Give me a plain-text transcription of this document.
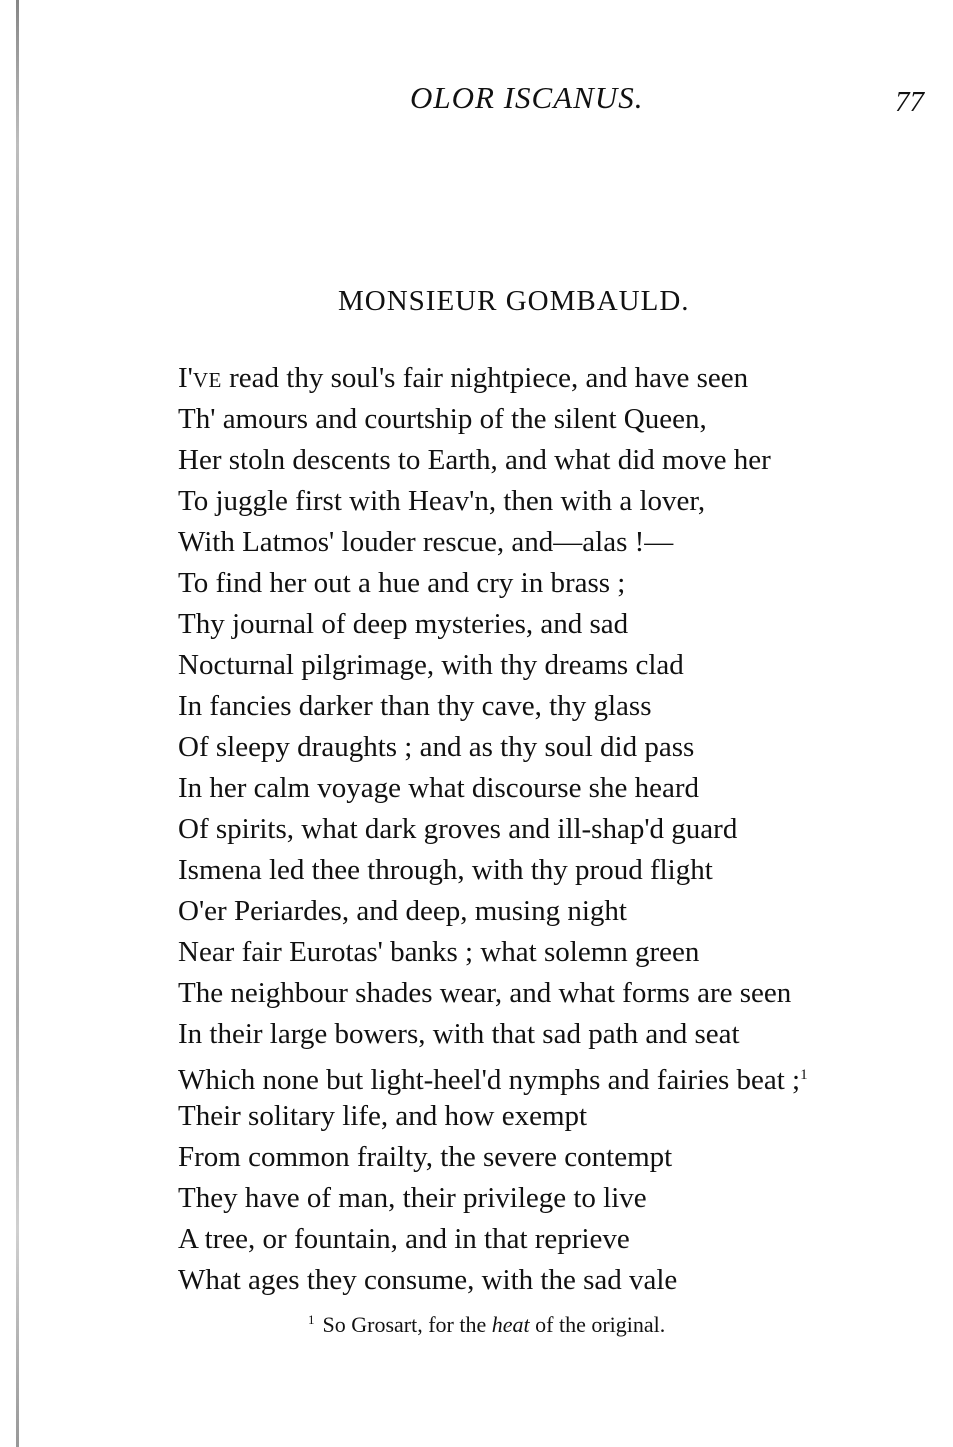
OLOR ISCANUS.	77
MONSIEUR GOMBAULD.
I'VE read thy soul's fair nightpiece, and have seen
Th' amours and courtship of the silent Queen,
Her stoln descents to Earth, and what did move her
To juggle first with Heav'n, then with a lover,
With Latmos' louder rescue, and—alas !—
To find her out a hue and cry in brass ;
Thy journal of deep mysteries, and sad
Nocturnal pilgrimage, with thy dreams clad
In fancies darker than thy cave, thy glass
Of sleepy draughts ; and as thy soul did pass
In her calm voyage what discourse she heard
Of spirits, what dark groves and ill-shap'd guard
Ismena led thee through, with thy proud flight
O'er Periardes, and deep, musing night
Near fair Eurotas' banks ; what solemn green
The neighbour shades wear, and what forms are seen
In their large bowers, with that sad path and seat
Which none but light-heel'd nymphs and fairies beat ;$^1$
Their solitary life, and how exempt
From common frailty, the severe contempt
They have of man, their privilege to live
A tree, or fountain, and in that reprieve
What ages they consume, with the sad vale
$^1$ So Grosart, for the heat of the original.
